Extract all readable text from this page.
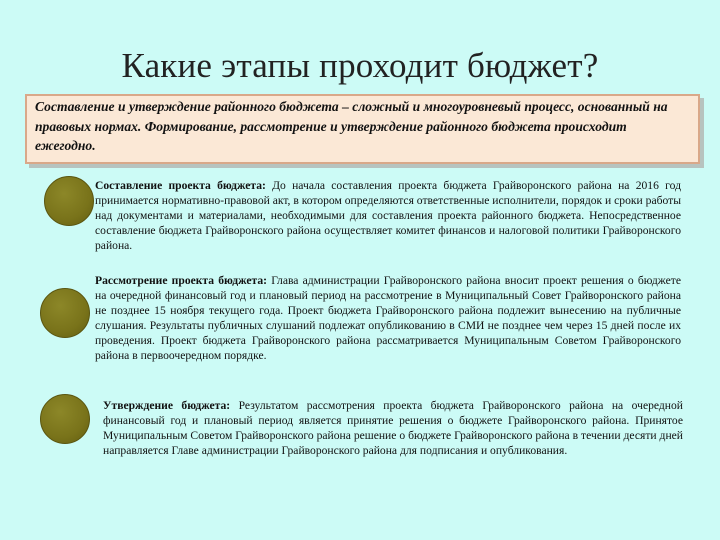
Какие этапы проходит бюджет?
Составление и утверждение районного бюджета – сложный и многоуровневый процесс, основанный на правовых нормах. Формирование, рассмотрение и утверждение районного бюджета происходит ежегодно.
Составление проекта бюджета: До начала составления проекта бюджета Грайворонского района на 2016 год принимается нормативно-правовой акт, в котором определяются ответственные исполнители, порядок и сроки работы над документами и материалами, необходимыми для составления проекта районного бюджета. Непосредственное составление бюджета Грайворонского района осуществляет комитет финансов и налоговой политики Грайворонского района.
Рассмотрение проекта бюджета: Глава администрации Грайворонского района вносит проект решения о бюджете на очередной финансовый год и плановый период на рассмотрение в Муниципальный Совет Грайворонского района не позднее 15 ноября текущего года. Проект бюджета Грайворонского района подлежит вынесению на публичные слушания. Результаты публичных слушаний подлежат опубликованию в СМИ не позднее чем через 15 дней после их проведения. Проект бюджета Грайворонского района рассматривается Муниципальным Советом Грайворонского района в первоочередном порядке.
Утверждение бюджета: Результатом рассмотрения проекта бюджета Грайворонского района на очередной финансовый год и плановый период является принятие решения о бюджете Грайворонского района. Принятое Муниципальным Советом Грайворонского района решение о бюджете Грайворонского района в течении десяти дней направляется Главе администрации Грайворонского района для подписания и опубликования.
